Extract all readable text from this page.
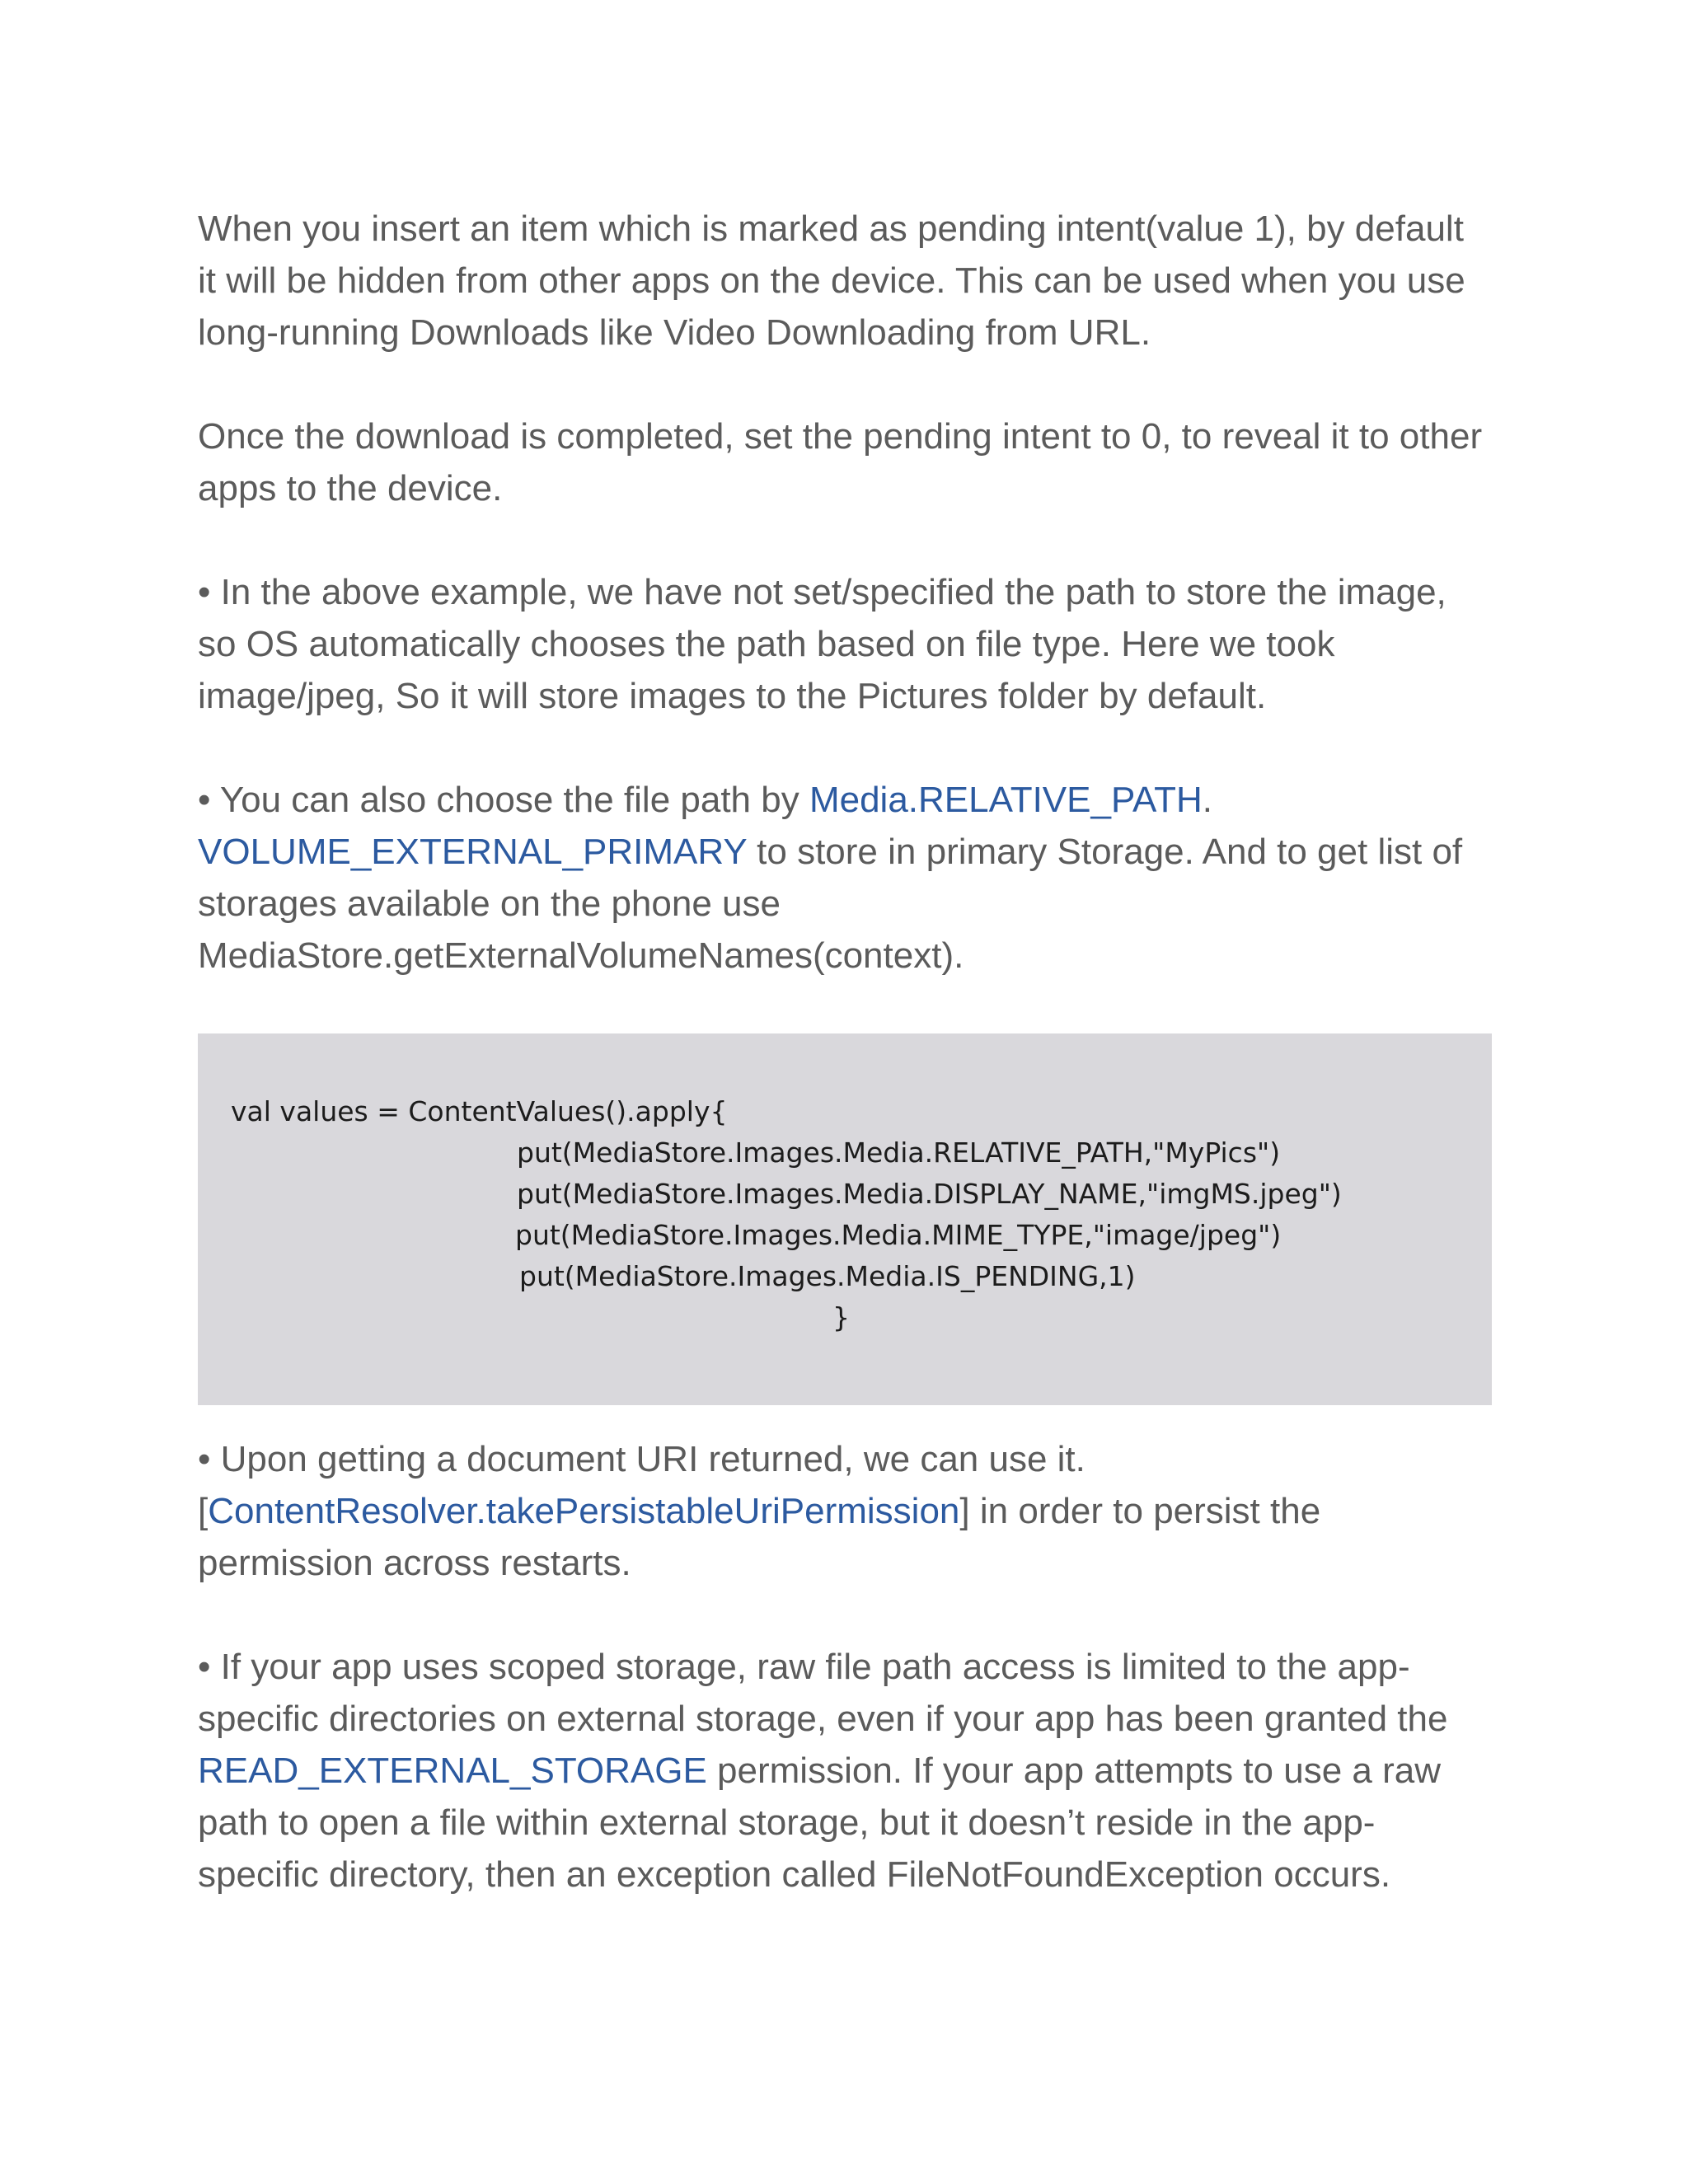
When you insert an item which is marked as pending intent(value 1), by default it will be hidden from other apps on the device. This can be used when you use long-running Downloads like Video Downloading from URL.

Once the download is completed, set the pending intent to 0, to reveal it to other apps to the device.

• In the above example, we have not set/specified the path to store the image, so OS automatically chooses the path based on file type. Here we took image/jpeg, So it will store images to the Pictures folder by default.

• You can also choose the file path by Media.RELATIVE_PATH. VOLUME_EXTERNAL_PRIMARY to store in primary Storage. And to get list of storages available on the phone use MediaStore.getExternalVolumeNames(context).

val values = ContentValues().apply{
put(MediaStore.Images.Media.RELATIVE_PATH,"MyPics")
put(MediaStore.Images.Media.DISPLAY_NAME,"imgMS.jpeg")
put(MediaStore.Images.Media.MIME_TYPE,"image/jpeg")
put(MediaStore.Images.Media.IS_PENDING,1)
}

• Upon getting a document URI returned, we can use it.[ContentResolver.takePersistableUriPermission] in order to persist the permission across restarts.

• If your app uses scoped storage, raw file path access is limited to the app-specific directories on external storage, even if your app has been granted the READ_EXTERNAL_STORAGE permission. If your app attempts to use a raw path to open a file within external storage, but it doesn’t reside in the app-specific directory, then an exception called FileNotFoundException occurs.
